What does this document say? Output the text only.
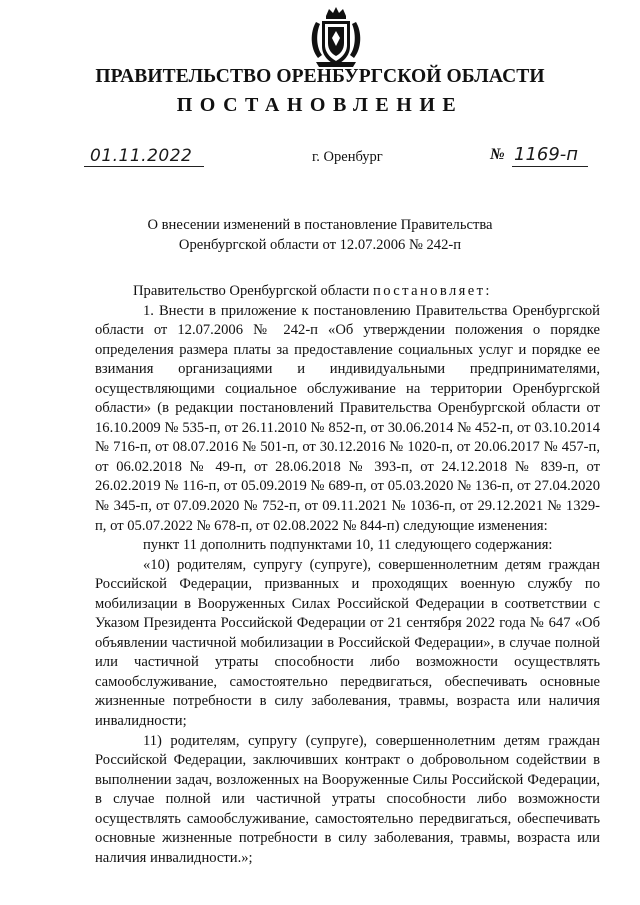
ПРАВИТЕЛЬСТВО ОРЕНБУРГСКОЙ ОБЛАСТИ
ПОСТАНОВЛЕНИЕ
01.11.2022	г. Оренбург	№ 1169-п
О внесении изменений в постановление Правительства
Оренбургской области от 12.07.2006 № 242-п

Правительство Оренбургской области постановляет:

1. Внести в приложение к постановлению Правительства Оренбургской области от 12.07.2006 № 242-п «Об утверждении положения о порядке определения размера платы за предоставление социальных услуг и порядке ее взимания организациями и индивидуальными предпринимателями, осуществляющими социальное обслуживание на территории Оренбургской области» (в редакции постановлений Правительства Оренбургской области от 16.10.2009 № 535-п, от 26.11.2010 № 852-п, от 30.06.2014 № 452-п, от 03.10.2014 № 716-п, от 08.07.2016 № 501-п, от 30.12.2016 № 1020-п, от 20.06.2017 № 457-п, от 06.02.2018 № 49-п, от 28.06.2018 № 393-п, от 24.12.2018 № 839-п, от 26.02.2019 № 116-п, от 05.09.2019 № 689-п, от 05.03.2020 № 136-п, от 27.04.2020 № 345-п, от 07.09.2020 № 752-п, от 09.11.2021 № 1036-п, от 29.12.2021 № 1329-п, от 05.07.2022 № 678-п, от 02.08.2022 № 844-п) следующие изменения:

пункт 11 дополнить подпунктами 10, 11 следующего содержания:

«10) родителям, супругу (супруге), совершеннолетним детям граждан Российской Федерации, призванных и проходящих военную службу по мобилизации в Вооруженных Силах Российской Федерации в соответствии с Указом Президента Российской Федерации от 21 сентября 2022 года № 647 «Об объявлении частичной мобилизации в Российской Федерации», в случае полной или частичной утраты способности либо возможности осуществлять самообслуживание, самостоятельно передвигаться, обеспечивать основные жизненные потребности в силу заболевания, травмы, возраста или наличия инвалидности;

11) родителям, супругу (супруге), совершеннолетним детям граждан Российской Федерации, заключивших контракт о добровольном содействии в выполнении задач, возложенных на Вооруженные Силы Российской Федерации, в случае полной или частичной утраты способности либо возможности осуществлять самообслуживание, самостоятельно передвигаться, обеспечивать основные жизненные потребности в силу заболевания, травмы, возраста или наличия инвалидности.»;
